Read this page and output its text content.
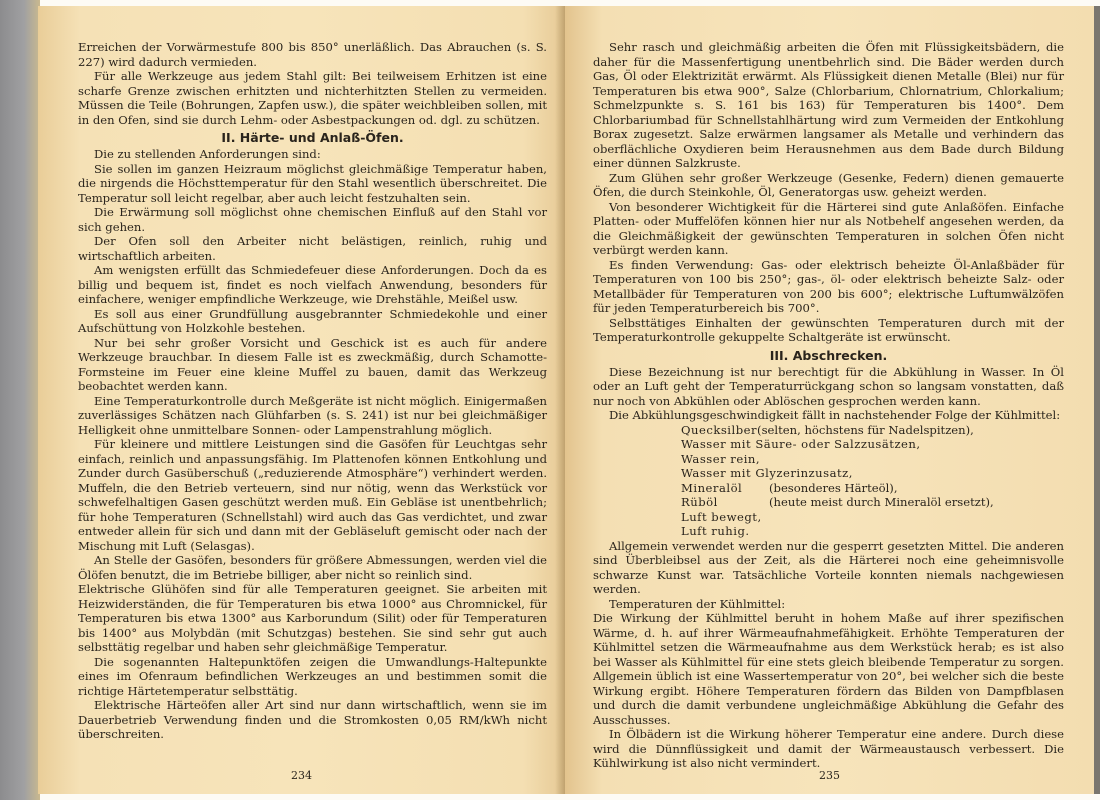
Erreichen der Vorwärmestufe 800 bis 850° unerläßlich. Das Abrauchen (s. S. 227) wird dadurch vermieden.

Für alle Werkzeuge aus jedem Stahl gilt: Bei teilweisem Erhitzen ist eine scharfe Grenze zwischen erhitzten und nichterhitzten Stellen zu vermeiden. Müssen die Teile (Bohrungen, Zapfen usw.), die später weichbleiben sollen, mit in den Ofen, sind sie durch Lehm- oder Asbestpackungen od. dgl. zu schützen.

II. Härte- und Anlaß-Öfen.

Die zu stellenden Anforderungen sind:

Sie sollen im ganzen Heizraum möglichst gleichmäßige Temperatur haben, die nirgends die Höchsttemperatur für den Stahl wesentlich überschreitet. Die Temperatur soll leicht regelbar, aber auch leicht festzuhalten sein.

Die Erwärmung soll möglichst ohne chemischen Einfluß auf den Stahl vor sich gehen.

Der Ofen soll den Arbeiter nicht belästigen, reinlich, ruhig und wirtschaftlich arbeiten.

Am wenigsten erfüllt das Schmiedefeuer diese Anforderungen. Doch da es billig und bequem ist, findet es noch vielfach Anwendung, besonders für einfachere, weniger empfindliche Werkzeuge, wie Drehstähle, Meißel usw.

Es soll aus einer Grundfüllung ausgebrannter Schmiedekohle und einer Aufschüttung von Holzkohle bestehen.

Nur bei sehr großer Vorsicht und Geschick ist es auch für andere Werkzeuge brauchbar. In diesem Falle ist es zweckmäßig, durch Schamotte-Formsteine im Feuer eine kleine Muffel zu bauen, damit das Werkzeug beobachtet werden kann.

Eine Temperaturkontrolle durch Meßgeräte ist nicht möglich. Einigermaßen zuverlässiges Schätzen nach Glühfarben (s. S. 241) ist nur bei gleichmäßiger Helligkeit ohne unmittelbare Sonnen- oder Lampenstrahlung möglich.

Für kleinere und mittlere Leistungen sind die Gasöfen für Leuchtgas sehr einfach, reinlich und anpassungsfähig. Im Plattenofen können Entkohlung und Zunder durch Gasüberschuß („reduzierende Atmosphäre“) verhindert werden. Muffeln, die den Betrieb verteuern, sind nur nötig, wenn das Werkstück vor schwefelhaltigen Gasen geschützt werden muß. Ein Gebläse ist unentbehrlich; für hohe Temperaturen (Schnellstahl) wird auch das Gas verdichtet, und zwar entweder allein für sich und dann mit der Gebläseluft gemischt oder nach der Mischung mit Luft (Selasgas).

An Stelle der Gasöfen, besonders für größere Abmessungen, werden viel die Ölöfen benutzt, die im Betriebe billiger, aber nicht so reinlich sind.

Elektrische Glühöfen sind für alle Temperaturen geeignet. Sie arbeiten mit Heizwiderständen, die für Temperaturen bis etwa 1000° aus Chromnickel, für Temperaturen bis etwa 1300° aus Karborundum (Silit) oder für Temperaturen bis 1400° aus Molybdän (mit Schutzgas) bestehen. Sie sind sehr gut auch selbsttätig regelbar und haben sehr gleichmäßige Temperatur.

Die sogenannten Haltepunktöfen zeigen die Umwandlungs-Haltepunkte eines im Ofenraum befindlichen Werkzeuges an und bestimmen somit die richtige Härtetemperatur selbsttätig.

Elektrische Härteöfen aller Art sind nur dann wirtschaftlich, wenn sie im Dauerbetrieb Verwendung finden und die Stromkosten 0,05 RM/kWh nicht überschreiten.

234

Sehr rasch und gleichmäßig arbeiten die Öfen mit Flüssigkeitsbädern, die daher für die Massenfertigung unentbehrlich sind. Die Bäder werden durch Gas, Öl oder Elektrizität erwärmt. Als Flüssigkeit dienen Metalle (Blei) nur für Temperaturen bis etwa 900°, Salze (Chlorbarium, Chlornatrium, Chlorkalium; Schmelzpunkte s. S. 161 bis 163) für Temperaturen bis 1400°. Dem Chlorbariumbad für Schnellstahlhärtung wird zum Vermeiden der Entkohlung Borax zugesetzt. Salze erwärmen langsamer als Metalle und verhindern das oberflächliche Oxydieren beim Herausnehmen aus dem Bade durch Bildung einer dünnen Salzkruste.

Zum Glühen sehr großer Werkzeuge (Gesenke, Federn) dienen gemauerte Öfen, die durch Steinkohle, Öl, Generatorgas usw. geheizt werden.

Von besonderer Wichtigkeit für die Härterei sind gute Anlaßöfen. Einfache Platten- oder Muffelöfen können hier nur als Notbehelf angesehen werden, da die Gleichmäßigkeit der gewünschten Temperaturen in solchen Öfen nicht verbürgt werden kann.

Es finden Verwendung: Gas- oder elektrisch beheizte Öl-Anlaßbäder für Temperaturen von 100 bis 250°; gas-, öl- oder elektrisch beheizte Salz- oder Metallbäder für Temperaturen von 200 bis 600°; elektrische Luftumwälzöfen für jeden Temperaturbereich bis 700°.

Selbsttätiges Einhalten der gewünschten Temperaturen durch mit der Temperaturkontrolle gekuppelte Schaltgeräte ist erwünscht.

III. Abschrecken.

Diese Bezeichnung ist nur berechtigt für die Abkühlung in Wasser. In Öl oder an Luft geht der Temperaturrückgang schon so langsam vonstatten, daß nur noch von Abkühlen oder Ablöschen gesprochen werden kann.

Die Abkühlungsgeschwindigkeit fällt in nachstehender Folge der Kühlmittel:

Quecksilber (selten, höchstens für Nadelspitzen),
Wasser mit Säure- oder Salzzusätzen,
Wasser rein,
Wasser mit Glyzerinzusatz,
Mineralöl	(besonderes Härteöl),
Rüböl	(heute meist durch Mineralöl ersetzt),
Luft bewegt,
Luft ruhig.

Allgemein verwendet werden nur die gesperrt gesetzten Mittel. Die anderen sind Überbleibsel aus der Zeit, als die Härterei noch eine geheimnisvolle schwarze Kunst war. Tatsächliche Vorteile konnten niemals nachgewiesen werden.

Temperaturen der Kühlmittel:

Die Wirkung der Kühlmittel beruht in hohem Maße auf ihrer spezifischen Wärme, d. h. auf ihrer Wärmeaufnahmefähigkeit. Erhöhte Temperaturen der Kühlmittel setzen die Wärmeaufnahme aus dem Werkstück herab; es ist also bei Wasser als Kühlmittel für eine stets gleich bleibende Temperatur zu sorgen. Allgemein üblich ist eine Wassertemperatur von 20°, bei welcher sich die beste Wirkung ergibt. Höhere Temperaturen fördern das Bilden von Dampfblasen und durch die damit verbundene ungleichmäßige Abkühlung die Gefahr des Ausschusses.

In Ölbädern ist die Wirkung höherer Temperatur eine andere. Durch diese wird die Dünnflüssigkeit und damit der Wärmeaustausch verbessert. Die Kühlwirkung ist also nicht vermindert.

235
